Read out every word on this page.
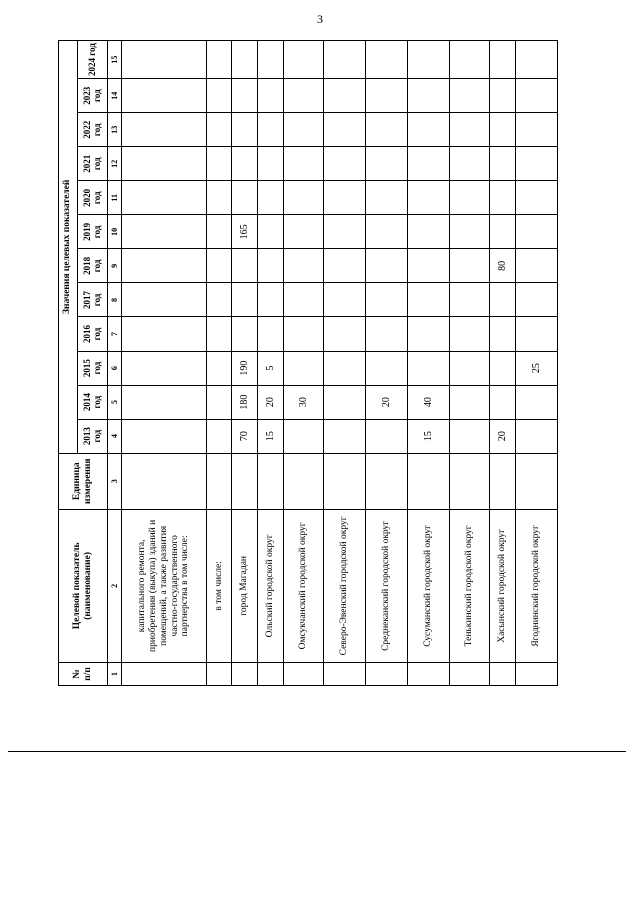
3
№ п/п	Целевой показатель (наименование)	Единица измерения	Значения целевых показателей											
			2013 год	2014 год	2015 год	2016 год	2017 год	2018 год	2019 год	2020 год	2021 год	2022 год	2023 год	2024 год
1	2	3	4	5	6	7	8	9	10	11	12	13	14	15
	капитального ремонта, приобретения (выкупа) зданий и помещений, а также развития частно-государственного партнерства в том числе:													
	в том числе:													
	город Магадан		70	180	190				165					
	Ольский городской округ		15	20	5									
	Омсукчанский городской округ			30										
	Северо-Эвенский городской округ													
	Среднеканский городской округ			20										
	Сусуманский городской округ		15	40										
	Тенькинский городской округ													
	Хасынский городской округ		20					80						
	Ягоднинский городской округ				25									
